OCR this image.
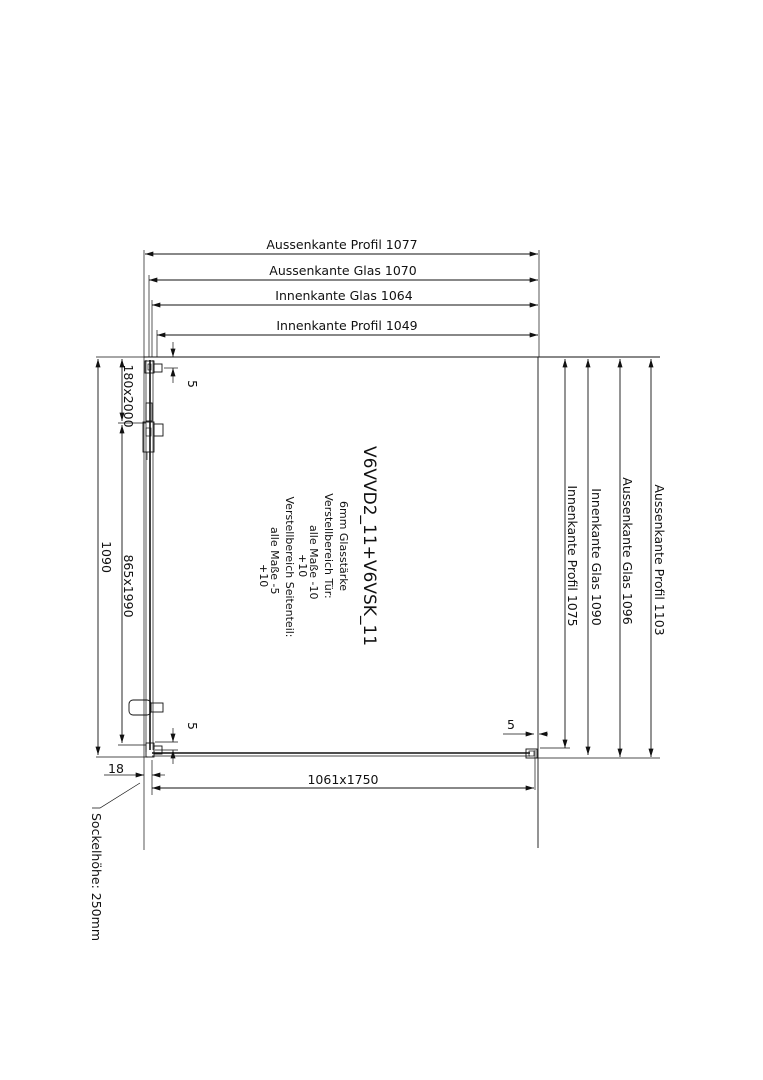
Aussenkante Profil 1077
Aussenkante Glas 1070
Innenkante Glas 1064
Innenkante Profil 1049
5
5	5
1090
180x2000
865x1990	Innenkante Profil 1075 Innenkante Glas 1090 Aussenkante Glas 1096 Aussenkante Profil 1103
1061x1750
18
Sockelhöhe: 250mm
V6VVD2_11+V6VSK_11
6mm Glasstärke
Verstellbereich Tür:
alle Maße -10
+10
Verstellbereich Seitenteil:
alle Maße -5
+10
